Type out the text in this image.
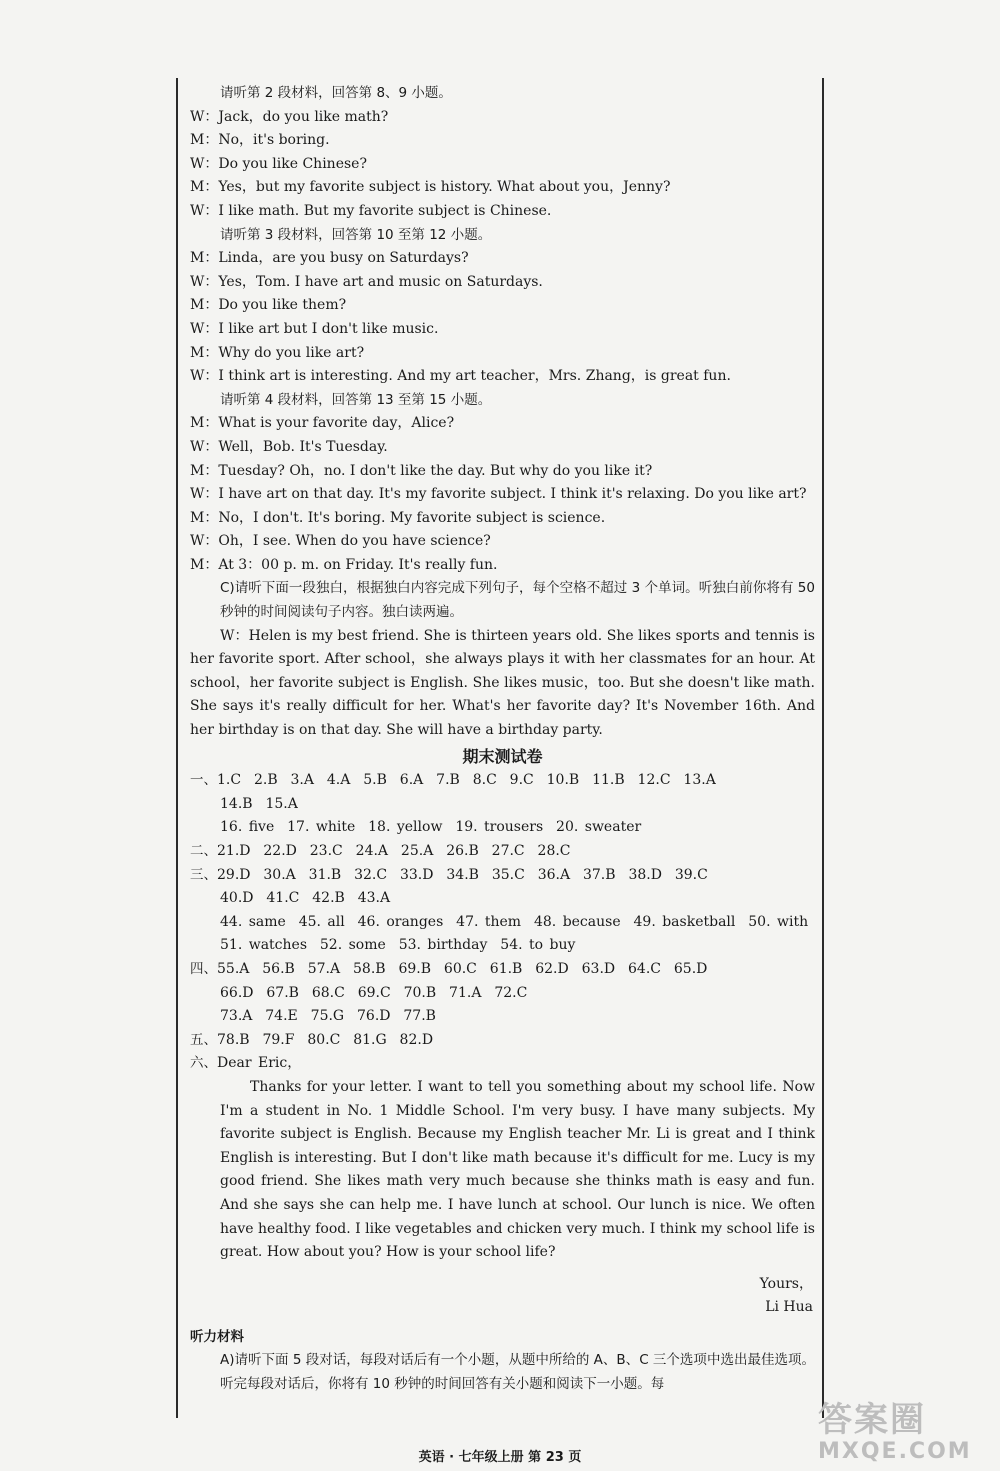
请听第 2 段材料，回答第 8、9 小题。
W：Jack，do you like math?
M：No，it's boring.
W：Do you like Chinese?
M：Yes，but my favorite subject is history. What about you，Jenny?
W：I like math. But my favorite subject is Chinese.
请听第 3 段材料，回答第 10 至第 12 小题。
M：Linda，are you busy on Saturdays?
W：Yes，Tom. I have art and music on Saturdays.
M：Do you like them?
W：I like art but I don't like music.
M：Why do you like art?
W：I think art is interesting. And my art teacher，Mrs. Zhang，is great fun.
请听第 4 段材料，回答第 13 至第 15 小题。
M：What is your favorite day，Alice?
W：Well，Bob. It's Tuesday.
M：Tuesday? Oh，no. I don't like the day. But why do you like it?
W：I have art on that day. It's my favorite subject. I think it's relaxing. Do you like art?
M：No，I don't. It's boring. My favorite subject is science.
W：Oh，I see. When do you have science?
M：At 3：00 p. m. on Friday. It's really fun.
C)请听下面一段独白，根据独白内容完成下列句子，每个空格不超过 3 个单词。听独白前你将有 50 秒钟的时间阅读句子内容。独白读两遍。
W：Helen is my best friend. She is thirteen years old. She likes sports and tennis is her favorite sport. After school，she always plays it with her classmates for an hour. At school，her favorite subject is English. She likes music，too. But she doesn't like math. She says it's really difficult for her. What's her favorite day? It's November 16th. And her birthday is on that day. She will have a birthday party.
期末测试卷
一、1.C  2.B  3.A  4.A  5.B  6.A  7.B  8.C  9.C  10.B  11.B  12.C  13.A
14.B  15.A
16. five  17. white  18. yellow  19. trousers  20. sweater
二、21.D  22.D  23.C  24.A  25.A  26.B  27.C  28.C
三、29.D  30.A  31.B  32.C  33.D  34.B  35.C  36.A  37.B  38.D  39.C
40.D  41.C  42.B  43.A
44. same  45. all  46. oranges  47. them  48. because  49. basketball  50. with
51. watches  52. some  53. birthday  54. to buy
四、55.A  56.B  57.A  58.B  69.B  60.C  61.B  62.D  63.D  64.C  65.D
66.D  67.B  68.C  69.C  70.B  71.A  72.C
73.A  74.E  75.G  76.D  77.B
五、78.B  79.F  80.C  81.G  82.D
六、Dear Eric，

Thanks for your letter. I want to tell you something about my school life. Now I'm a student in No. 1 Middle School. I'm very busy. I have many subjects. My favorite subject is English. Because my English teacher Mr. Li is great and I think English is interesting. But I don't like math because it's difficult for me. Lucy is my good friend. She likes math very much because she thinks math is easy and fun. And she says she can help me. I have lunch at school. Our lunch is nice. We often have healthy food. I like vegetables and chicken very much. I think my school life is great. How about you? How is your school life?

Yours，
Li Hua
听力材料
A)请听下面 5 段对话，每段对话后有一个小题，从题中所给的 A、B、C 三个选项中选出最佳选项。听完每段对话后，你将有 10 秒钟的时间回答有关小题和阅读下一小题。每
英语 · 七年级上册 第 23 页
答案圈
MXQE.COM
